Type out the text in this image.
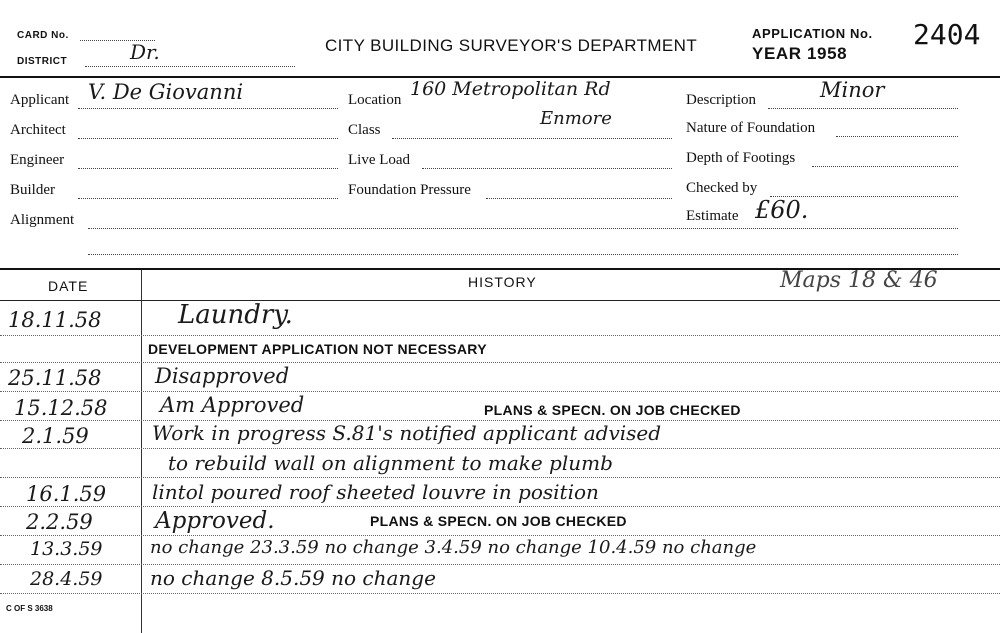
CARD No.
DISTRICT	Dr.	CITY BUILDING SURVEYOR'S DEPARTMENT
APPLICATION No.
YEAR 1958
2404
Applicant V. De Giovanni
Architect
Engineer
Builder
Alignment
Location 160 Metropolitan Rd
Enmore
Class
Live Load
Foundation Pressure
Description	Minor
Nature of Foundation
Depth of Footings
Checked by
Estimate £60.
DATE	HISTORY	Maps 18 & 46
18.11.58	Laundry.
DEVELOPMENT APPLICATION NOT NECESSARY
25.11.58	Disapproved
15.12.58 Am Approved	PLANS & SPECN. ON JOB CHECKED
2.1.59	Work in progress S.81's notified applicant advised
to rebuild wall on alignment to make plumb
16.1.59 lintol poured roof sheeted louvre in position
2.2.59	Approved.	PLANS & SPECN. ON JOB CHECKED
13.3.59	no change 23.3.59 no change 3.4.59 no change 10.4.59 no change
28.4.59 no change 8.5.59 no change
C OF S 3638
